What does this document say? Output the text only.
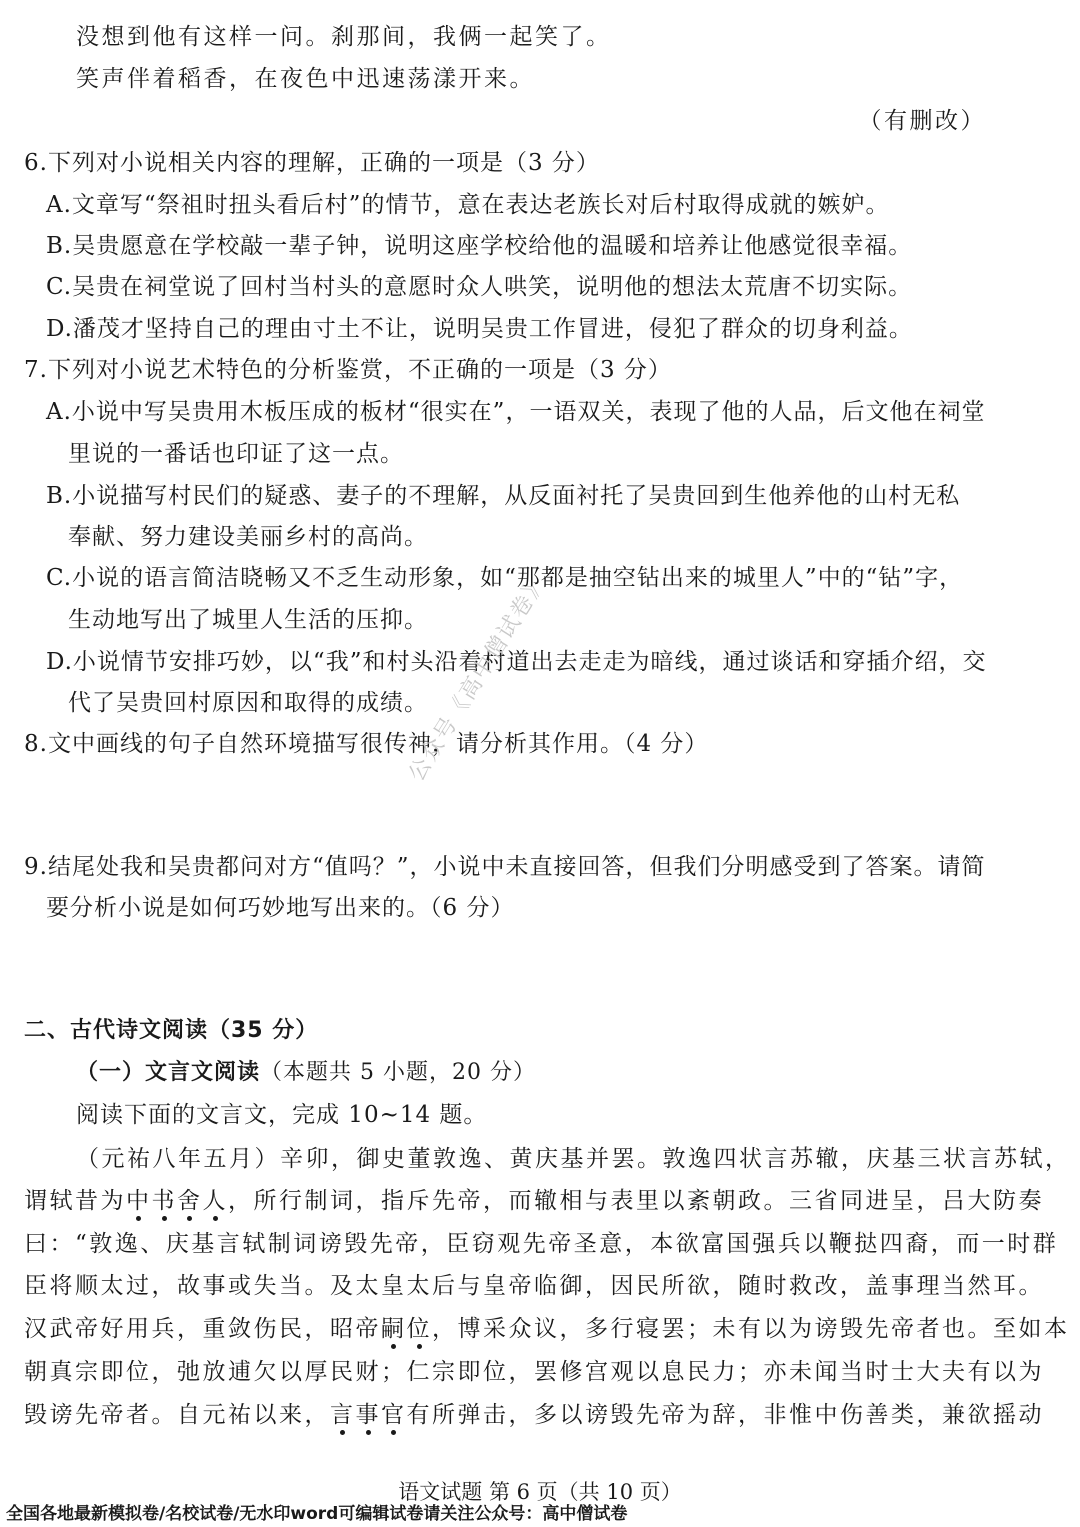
没想到他有这样一问。刹那间，我俩一起笑了。
笑声伴着稻香，在夜色中迅速荡漾开来。
（有删改）
6.下列对小说相关内容的理解，正确的一项是（3 分）
A.文章写“祭祖时扭头看后村”的情节，意在表达老族长对后村取得成就的嫉妒。
B.吴贵愿意在学校敲一辈子钟，说明这座学校给他的温暖和培养让他感觉很幸福。
C.吴贵在祠堂说了回村当村头的意愿时众人哄笑，说明他的想法太荒唐不切实际。
D.潘茂才坚持自己的理由寸土不让，说明吴贵工作冒进，侵犯了群众的切身利益。
7.下列对小说艺术特色的分析鉴赏，不正确的一项是（3 分）
A.小说中写吴贵用木板压成的板材“很实在”，一语双关，表现了他的人品，后文他在祠堂
里说的一番话也印证了这一点。
B.小说描写村民们的疑惑、妻子的不理解，从反面衬托了吴贵回到生他养他的山村无私
奉献、努力建设美丽乡村的高尚。
C.小说的语言简洁晓畅又不乏生动形象，如“那都是抽空钻出来的城里人”中的“钻”字，
生动地写出了城里人生活的压抑。
D.小说情节安排巧妙，以“我”和村头沿着村道出去走走为暗线，通过谈话和穿插介绍，交
代了吴贵回村原因和取得的成绩。
8.文中画线的句子自然环境描写很传神，请分析其作用。（4 分）
9.结尾处我和吴贵都问对方“值吗？”，小说中未直接回答，但我们分明感受到了答案。请简
要分析小说是如何巧妙地写出来的。（6 分）
二、古代诗文阅读（35 分）
（一）文言文阅读（本题共 5 小题，20 分）
阅读下面的文言文，完成 10~14 题。
（元祐八年五月）辛卯，御史董敦逸、黄庆基并罢。敦逸四状言苏辙，庆基三状言苏轼，
谓轼昔为中书舍人，所行制词，指斥先帝，而辙相与表里以紊朝政。三省同进呈，吕大防奏
曰：“敦逸、庆基言轼制词谤毁先帝，臣窃观先帝圣意，本欲富国强兵以鞭挞四裔，而一时群
臣将顺太过，故事或失当。及太皇太后与皇帝临御，因民所欲，随时救改，盖事理当然耳。
汉武帝好用兵，重敛伤民，昭帝嗣位，博采众议，多行寝罢；未有以为谤毁先帝者也。至如本
朝真宗即位，弛放逋欠以厚民财；仁宗即位，罢修宫观以息民力；亦未闻当时士大夫有以为
毁谤先帝者。自元祐以来，言事官有所弹击，多以谤毁先帝为辞，非惟中伤善类，兼欲摇动
公众号《高中僧试卷》
语文试题 第 6 页（共 10 页）
全国各地最新模拟卷/名校试卷/无水印word可编辑试卷请关注公众号：高中僧试卷
